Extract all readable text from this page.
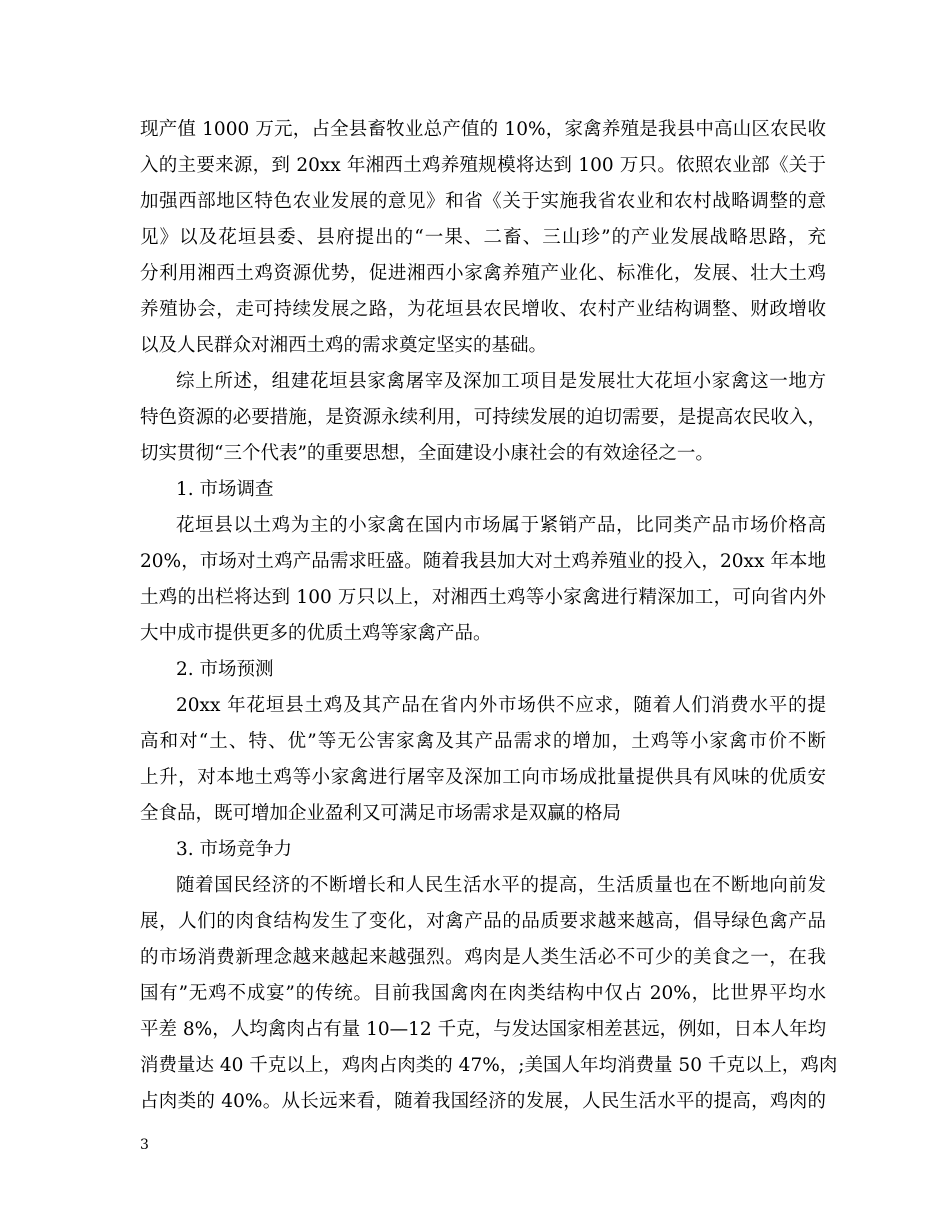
现产值 1000 万元，占全县畜牧业总产值的 10%，家禽养殖是我县中高山区农民收
入的主要来源，到 20xx 年湘西土鸡养殖规模将达到 100 万只。依照农业部《关于
加强西部地区特色农业发展的意见》和省《关于实施我省农业和农村战略调整的意
见》以及花垣县委、县府提出的“一果、二畜、三山珍”的产业发展战略思路，充
分利用湘西土鸡资源优势，促进湘西小家禽养殖产业化、标准化，发展、壮大土鸡
养殖协会，走可持续发展之路，为花垣县农民增收、农村产业结构调整、财政增收
以及人民群众对湘西土鸡的需求奠定坚实的基础。
综上所述，组建花垣县家禽屠宰及深加工项目是发展壮大花垣小家禽这一地方
特色资源的必要措施，是资源永续利用，可持续发展的迫切需要，是提高农民收入，
切实贯彻“三个代表”的重要思想，全面建设小康社会的有效途径之一。
1. 市场调查
花垣县以土鸡为主的小家禽在国内市场属于紧销产品，比同类产品市场价格高
20%，市场对土鸡产品需求旺盛。随着我县加大对土鸡养殖业的投入，20xx 年本地
土鸡的出栏将达到 100 万只以上，对湘西土鸡等小家禽进行精深加工，可向省内外
大中成市提供更多的优质土鸡等家禽产品。
2. 市场预测
20xx 年花垣县土鸡及其产品在省内外市场供不应求，随着人们消费水平的提
高和对“土、特、优”等无公害家禽及其产品需求的增加，土鸡等小家禽市价不断
上升，对本地土鸡等小家禽进行屠宰及深加工向市场成批量提供具有风味的优质安
全食品，既可增加企业盈利又可满足市场需求是双赢的格局
3. 市场竞争力
随着国民经济的不断增长和人民生活水平的提高，生活质量也在不断地向前发
展，人们的肉食结构发生了变化，对禽产品的品质要求越来越高，倡导绿色禽产品
的市场消费新理念越来越起来越强烈。鸡肉是人类生活必不可少的美食之一，在我
国有”无鸡不成宴”的传统。目前我国禽肉在肉类结构中仅占 20%，比世界平均水
平差 8%，人均禽肉占有量 10—12 千克，与发达国家相差甚远，例如，日本人年均
消费量达 40 千克以上，鸡肉占肉类的 47%，;美国人年均消费量 50 千克以上，鸡肉
占肉类的 40%。从长远来看，随着我国经济的发展，人民生活水平的提高，鸡肉的
3
